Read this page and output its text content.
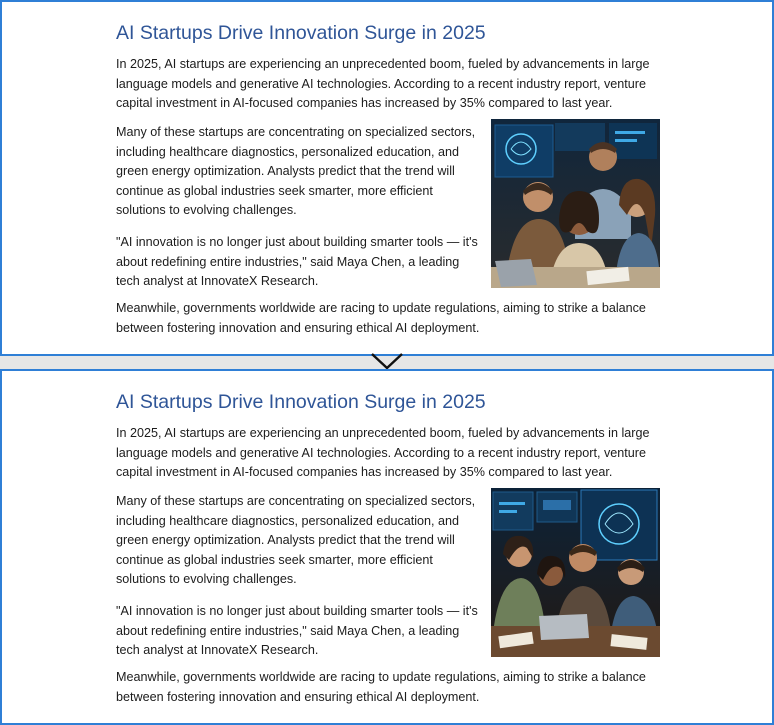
AI Startups Drive Innovation Surge in 2025

In 2025, AI startups are experiencing an unprecedented boom, fueled by advancements in large language models and generative AI technologies. According to a recent industry report, venture capital investment in AI-focused companies has increased by 35% compared to last year.

Many of these startups are concentrating on specialized sectors, including healthcare diagnostics, personalized education, and green energy optimization. Analysts predict that the trend will continue as global industries seek smarter, more efficient solutions to evolving challenges.

"AI innovation is no longer just about building smarter tools — it's about redefining entire industries," said Maya Chen, a leading tech analyst at InnovateX Research.

Meanwhile, governments worldwide are racing to update regulations, aiming to strike a balance between fostering innovation and ensuring ethical AI deployment.

AI Startups Drive Innovation Surge in 2025

In 2025, AI startups are experiencing an unprecedented boom, fueled by advancements in large language models and generative AI technologies. According to a recent industry report, venture capital investment in AI-focused companies has increased by 35% compared to last year.

Many of these startups are concentrating on specialized sectors, including healthcare diagnostics, personalized education, and green energy optimization. Analysts predict that the trend will continue as global industries seek smarter, more efficient solutions to evolving challenges.

"AI innovation is no longer just about building smarter tools — it's about redefining entire industries," said Maya Chen, a leading tech analyst at InnovateX Research.

Meanwhile, governments worldwide are racing to update regulations, aiming to strike a balance between fostering innovation and ensuring ethical AI deployment.
